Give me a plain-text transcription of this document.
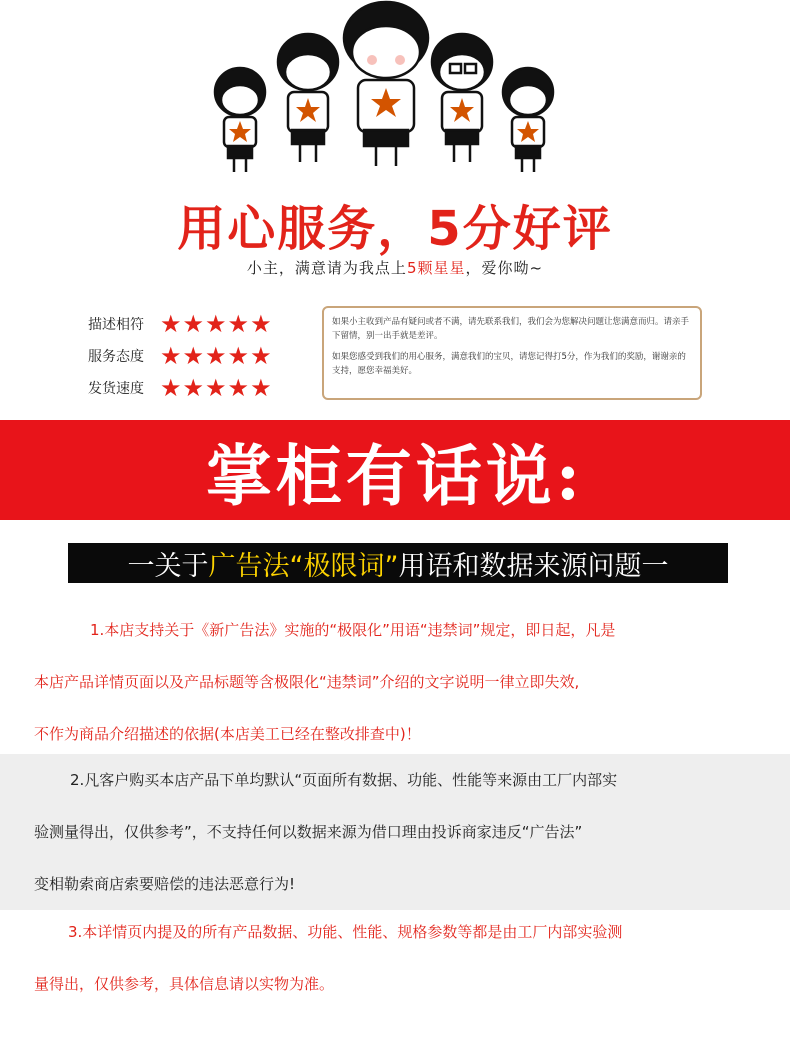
用心服务，5分好评
小主，满意请为我点上5颗星星，爱你呦~
描述相符 ★ ★ ★ ★ ★
服务态度 ★ ★ ★ ★ ★
发货速度 ★ ★ ★ ★ ★

如果小主收到产品有疑问或者不满，请先联系我们，我们会为您解决问题让您满意而归。请亲手下留情，别一出手就是差评。

如果您感受到我们的用心服务，满意我们的宝贝，请您记得打5分，作为我们的奖励，谢谢亲的支持，愿您幸福美好。

掌柜有话说:
一关于 广告法 “极限词” 用语和数据来源问题一

1.本店支持关于《新广告法》实施的“极限化”用语“违禁词”规定，即日起，凡是

本店产品详情页面以及产品标题等含极限化“违禁词”介绍的文字说明一律立即失效,

不作为商品介绍描述的依据(本店美工已经在整改排查中)！

2.凡客户购买本店产品下单均默认“页面所有数据、功能、性能等来源由工厂内部实

验测量得出，仅供参考”，不支持任何以数据来源为借口理由投诉商家违反“广告法”

变相勒索商店索要赔偿的违法恶意行为!

3.本详情页内提及的所有产品数据、功能、性能、规格参数等都是由工厂内部实验测

量得出，仅供参考，具体信息请以实物为准。
